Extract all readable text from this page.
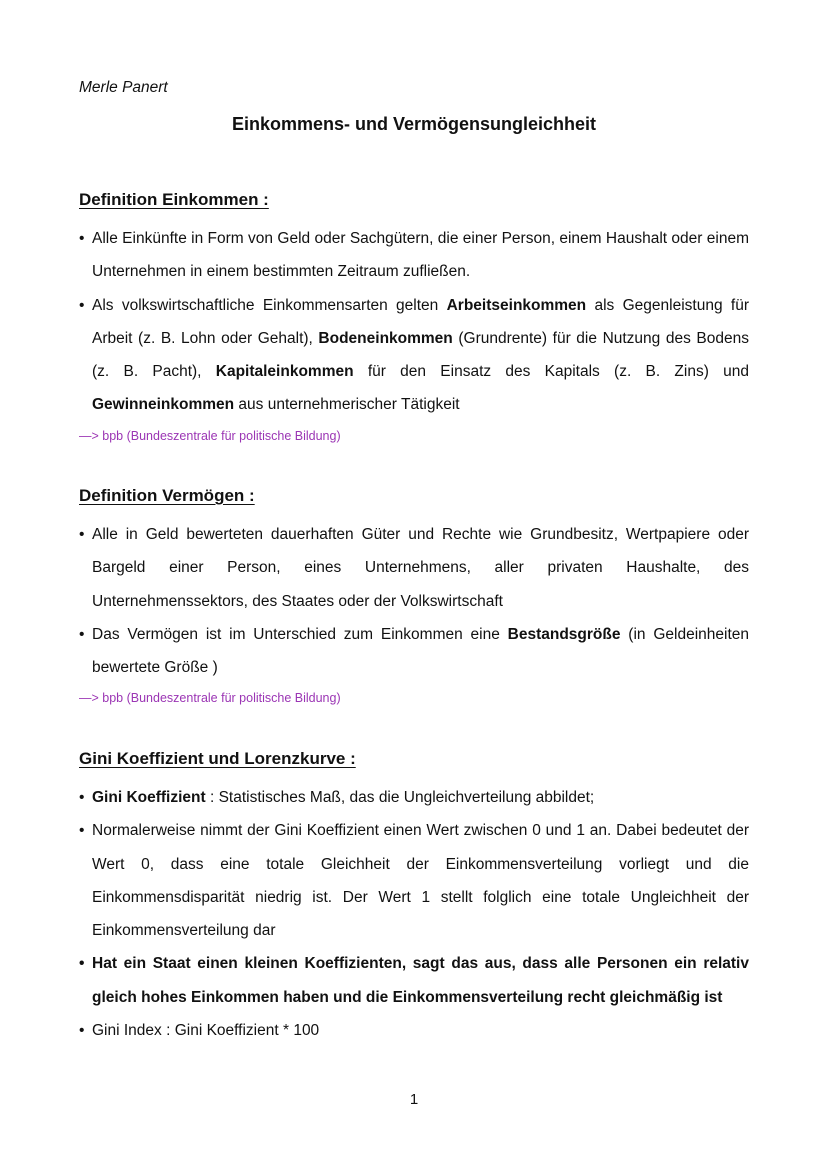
Merle Panert
Einkommens- und Vermögensungleichheit
Definition Einkommen :
• Alle Einkünfte in Form von Geld oder Sachgütern, die einer Person, einem Haushalt oder einem Unternehmen in einem bestimmten Zeitraum zufließen.
• Als volkswirtschaftliche Einkommensarten gelten Arbeitseinkommen als Gegenleistung für Arbeit (z. B. Lohn oder Gehalt), Bodeneinkommen (Grundrente) für die Nutzung des Bodens (z. B. Pacht), Kapitaleinkommen für den Einsatz des Kapitals (z. B. Zins) und Gewinneinkommen aus unternehmerischer Tätigkeit
—> bpb (Bundeszentrale für politische Bildung)
Definition Vermögen :
• Alle in Geld bewerteten dauerhaften Güter und Rechte wie Grundbesitz, Wertpapiere oder Bargeld einer Person, eines Unternehmens, aller privaten Haushalte, des Unternehmenssektors, des Staates oder der Volkswirtschaft
• Das Vermögen ist im Unterschied zum Einkommen eine Bestandsgröße (in Geldeinheiten bewertete Größe )
—> bpb (Bundeszentrale für politische Bildung)
Gini Koeffizient und Lorenzkurve :
• Gini Koeffizient : Statistisches Maß, das die Ungleichverteilung abbildet;
• Normalerweise nimmt der Gini Koeffizient einen Wert zwischen 0 und 1 an. Dabei bedeutet der Wert 0, dass eine totale Gleichheit der Einkommensverteilung vorliegt und die Einkommensdisparität niedrig ist. Der Wert 1 stellt folglich eine totale Ungleichheit der Einkommensverteilung dar
• Hat ein Staat einen kleinen Koeffizienten, sagt das aus, dass alle Personen ein relativ gleich hohes Einkommen haben und die Einkommensverteilung recht gleichmäßig ist
• Gini Index : Gini Koeffizient * 100
1
